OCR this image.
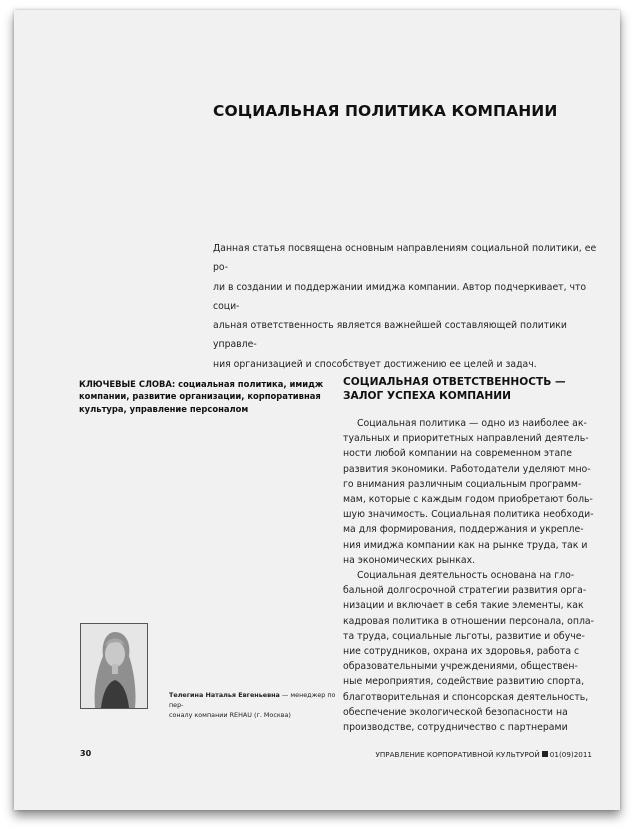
СОЦИАЛЬНАЯ ПОЛИТИКА КОМПАНИИ

Данная статья посвящена основным направлениям социальной политики, ее ро-
ли в создании и поддержании имиджа компании. Автор подчеркивает, что соци-
альная ответственность является важнейшей составляющей политики управле-
ния организацией и способствует достижению ее целей и задач.

КЛЮЧЕВЫЕ СЛОВА: социальная политика, имидж компании, развитие организации, корпоративная культура, управление персоналом

СОЦИАЛЬНАЯ ОТВЕТСТВЕННОСТЬ — ЗАЛОГ УСПЕХА КОМПАНИИ

Социальная политика — одно из наиболее ак-
туальных и приоритетных направлений деятель-
ности любой компании на современном этапе
развития экономики. Работодатели уделяют мно-
го внимания различным социальным программ-
мам, которые с каждым годом приобретают боль-
шую значимость. Социальная политика необходи-
ма для формирования, поддержания и укрепле-
ния имиджа компании как на рынке труда, так и
на экономических рынках.
Социальная деятельность основана на гло-
бальной долгосрочной стратегии развития орга-
низации и включает в себя такие элементы, как
кадровая политика в отношении персонала, опла-
та труда, социальные льготы, развитие и обуче-
ние сотрудников, охрана их здоровья, работа с
образовательными учреждениями, обществен-
ные мероприятия, содействие развитию спорта,
благотворительная и спонсорская деятельность,
обеспечение экологической безопасности на
производстве, сотрудничество с партнерами

Телегина Наталья Евгеньевна — менеджер по пер-
соналу компании REHAU (г. Москва)

30	УПРАВЛЕНИЕ КОРПОРАТИВНОЙ КУЛЬТУРОЙ 01(09)2011
